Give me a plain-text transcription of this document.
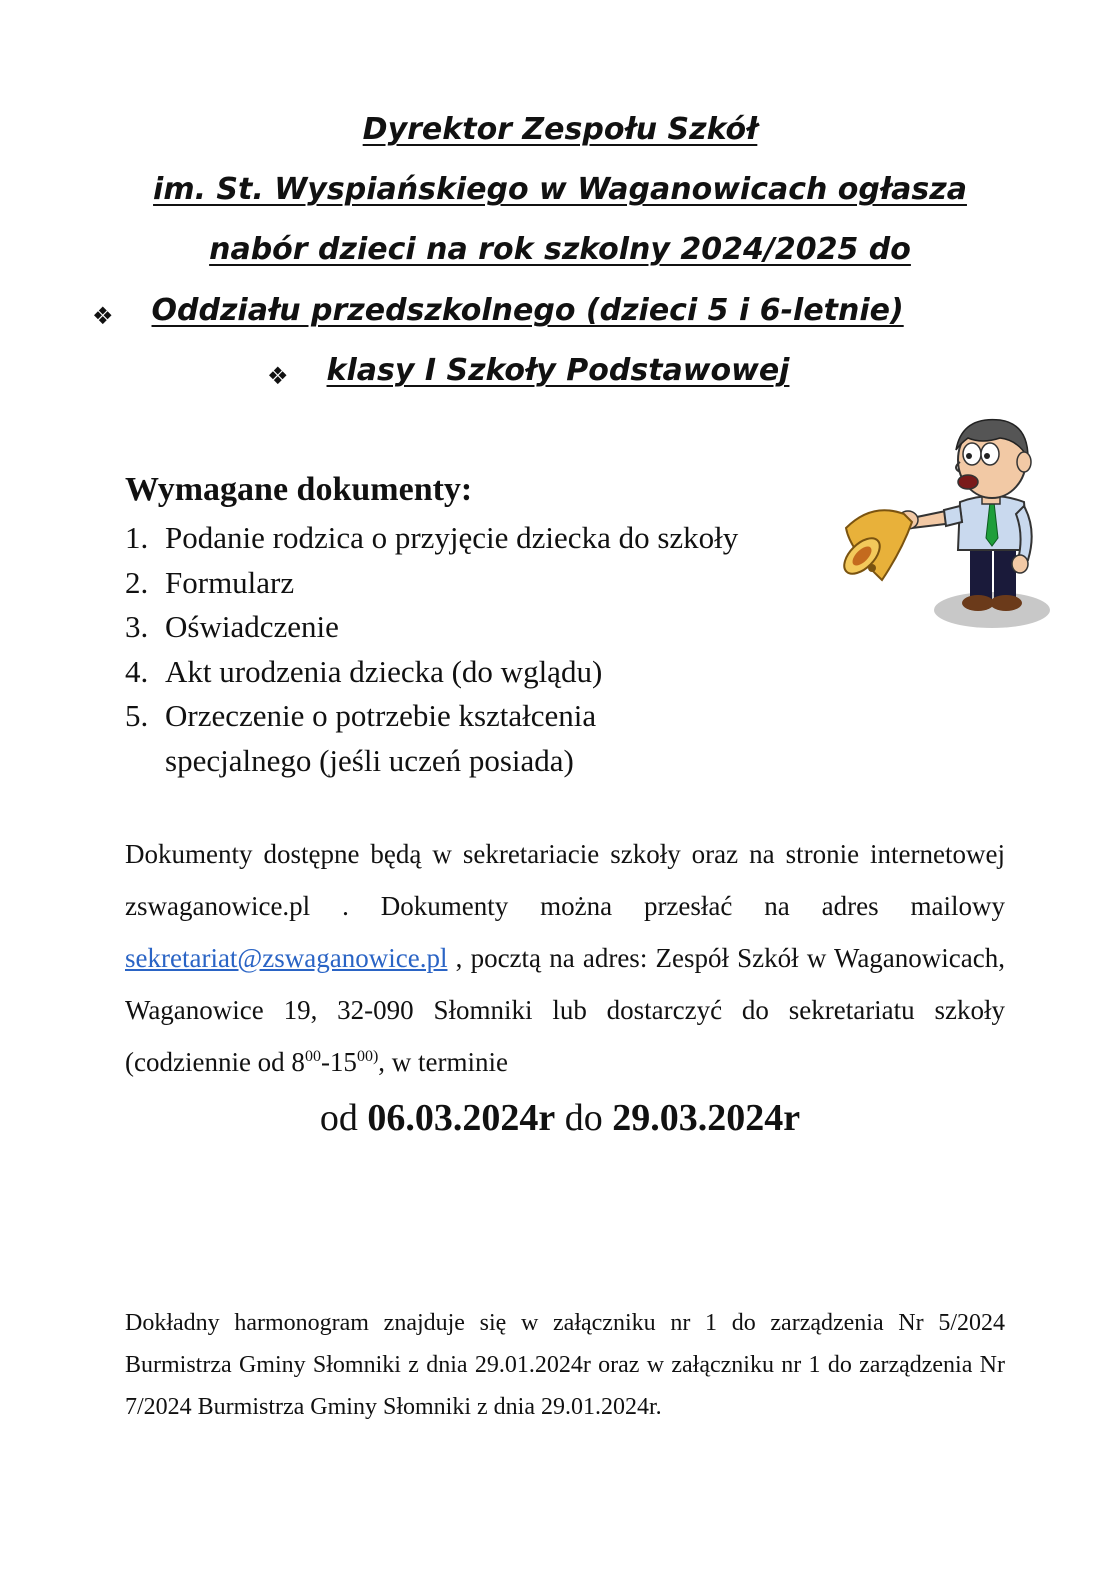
Dyrektor Zespołu Szkół
im. St. Wyspiańskiego w Waganowicach ogłasza
nabór dzieci na rok szkolny 2024/2025 do
❖ Oddziału przedszkolnego (dzieci 5 i 6-letnie)
❖ klasy I Szkoły Podstawowej
Wymagane dokumenty:
1. Podanie rodzica o przyjęcie dziecka do szkoły
2. Formularz
3. Oświadczenie
4. Akt urodzenia dziecka (do wglądu)
5. Orzeczenie o potrzebie kształcenia specjalnego (jeśli uczeń posiada)
Dokumenty dostępne będą w sekretariacie szkoły oraz na stronie internetowej zswaganowice.pl . Dokumenty można przesłać na adres mailowy sekretariat@zswaganowice.pl , pocztą na adres: Zespół Szkół w Waganowicach, Waganowice 19, 32-090 Słomniki lub dostarczyć do sekretariatu szkoły (codziennie od $8^{00}-15^{00)}$, w terminie
od 06.03.2024r do 29.03.2024r
Dokładny harmonogram znajduje się w załączniku nr 1 do zarządzenia Nr 5/2024 Burmistrza Gminy Słomniki z dnia 29.01.2024r oraz w załączniku nr 1 do zarządzenia Nr 7/2024 Burmistrza Gminy Słomniki z dnia 29.01.2024r.
